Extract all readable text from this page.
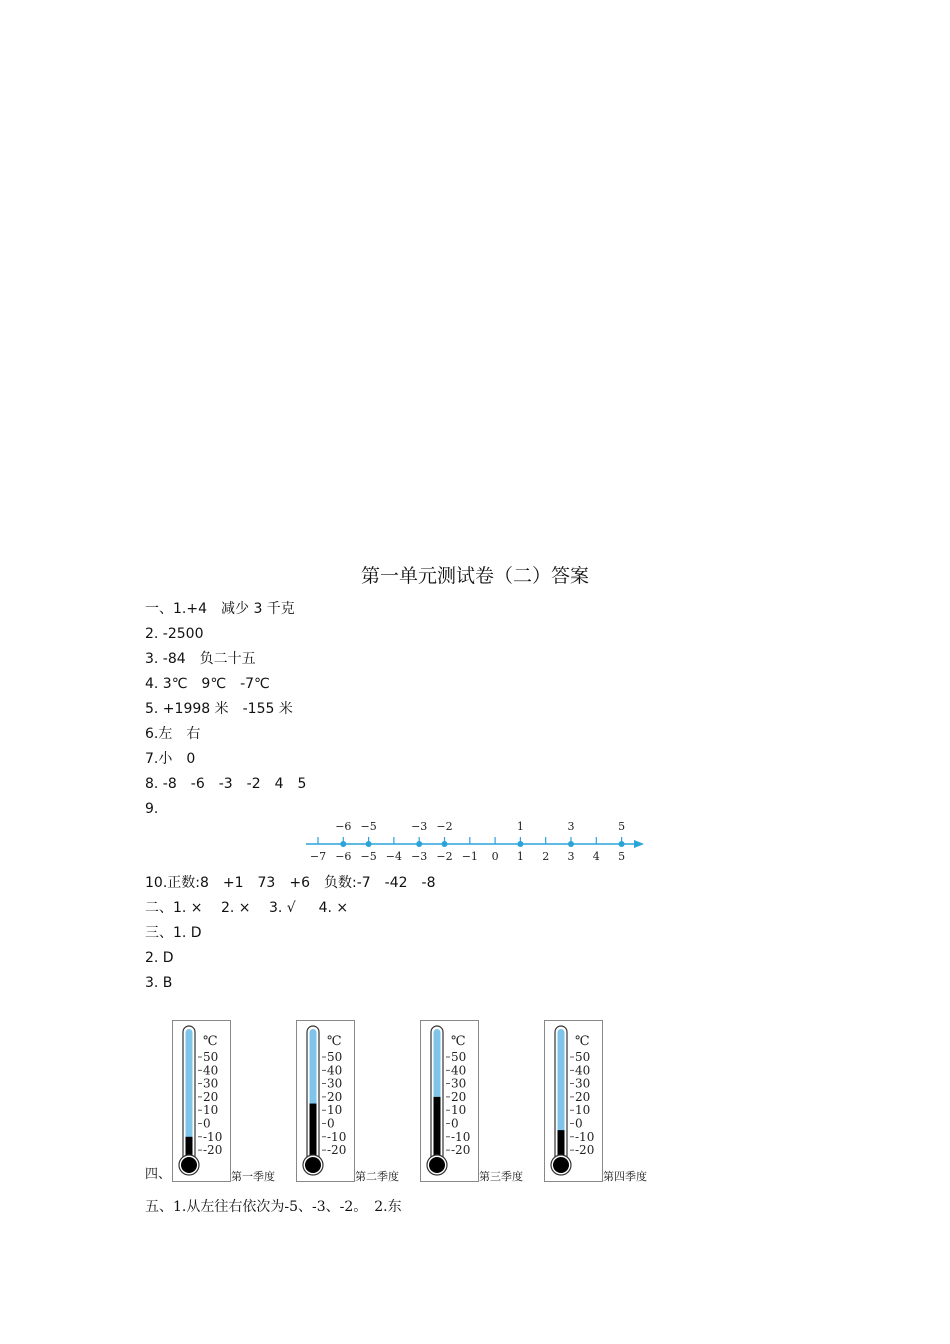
第一单元测试卷（二）答案
一、1.+4　减少 3 千克
2. -2500
3. -84　负二十五
4. 3℃　9℃　-7℃
5. +1998 米　-155 米
6.左　右
7.小　0
8. -8　-6　-3　-2　4　5
9.
−7 −6
−6
−5
−5
−4 −3
−3
−2
−2
−1 0 1
1
2 3
3
4 5
5
10.正数:8　+1　73　+6　负数:-7　-42　-8
二、1. ×　 2. ×　 3. √　  4. ×
三、1. D
2. D
3. B
四、
℃
50
40
30
20
10
0
-10
-20
第一季度
℃
50
40
30
20
10
0
-10
-20
第二季度
℃
50
40
30
20
10
0
-10
-20
第三季度
℃
50
40
30
20
10
0
-10
-20
第四季度
五、1.从左往右依次为-5、-3、-2。　2.东
